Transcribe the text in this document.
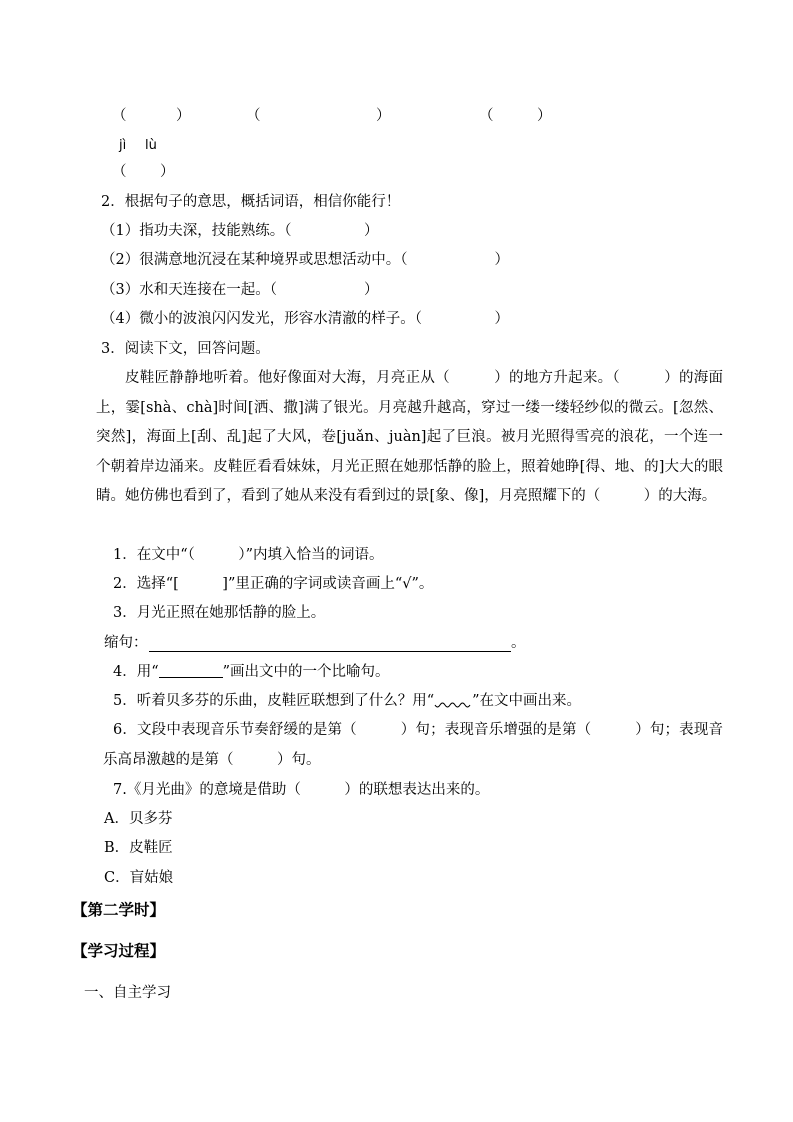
（	）	（	）	（	）
jì lù
（ ）
2．根据句子的意思，概括词语，相信你能行！
（1）指功夫深，技能熟练。（　　　　　）
（2）很满意地沉浸在某种境界或思想活动中。（　　　　　　）
（3）水和天连接在一起。（　　　　　　）
（4）微小的波浪闪闪发光，形容水清澈的样子。（　　　　　）
3．阅读下文，回答问题。
皮鞋匠静静地听着。他好像面对大海，月亮正从（　　　）的地方升起来。（　　　）的海面上，霎[shà、chà]时间[洒、撒]满了银光。月亮越升越高，穿过一缕一缕轻纱似的微云。[忽然、突然]，海面上[刮、乱]起了大风，卷[juǎn、juàn]起了巨浪。被月光照得雪亮的浪花，一个连一个朝着岸边涌来。皮鞋匠看看妹妹，月光正照在她那恬静的脸上，照着她睁[得、地、的]大大的眼睛。她仿佛也看到了，看到了她从来没有看到过的景[象、像]，月亮照耀下的（　　　）的大海。
1．在文中“（　　　）”内填入恰当的词语。
2．选择“[　　　]”里正确的字词或读音画上“√”。
3．月光正照在她那恬静的脸上。
缩句：	。
4．用“	”画出文中的一个比喻句。
5．听着贝多芬的乐曲，皮鞋匠联想到了什么？用“	”在文中画出来。
6．文段中表现音乐节奏舒缓的是第（　　　）句；表现音乐增强的是第（　　　）句；表现音乐高昂激越的是第（　　　）句。
7.《月光曲》的意境是借助（　　　）的联想表达出来的。
A．贝多芬
B．皮鞋匠
C．盲姑娘
【第二学时】
【学习过程】
一、自主学习
